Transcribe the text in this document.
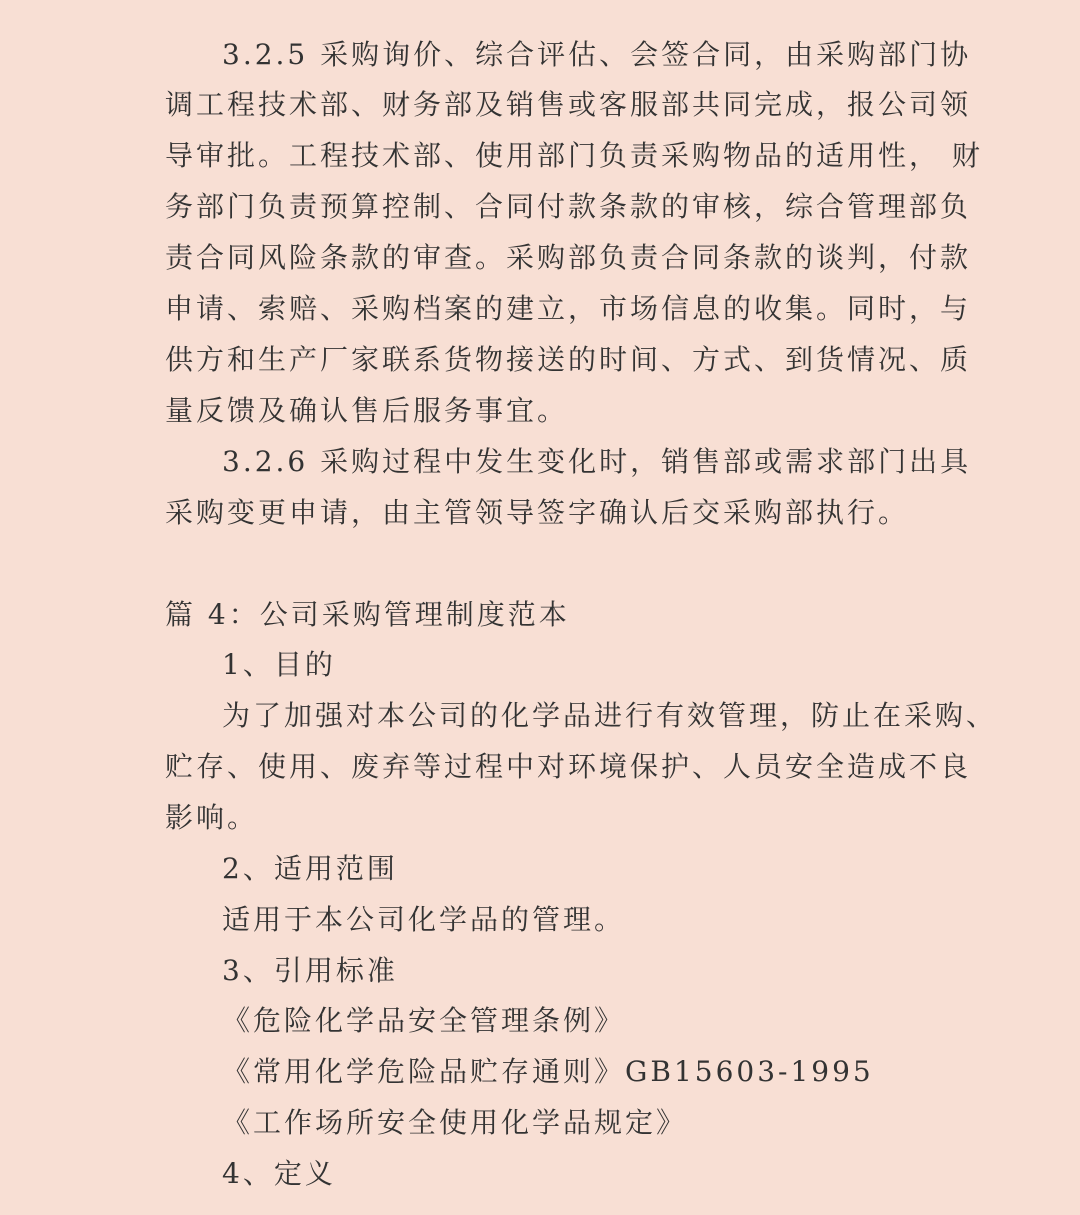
3.2.5 采购询价、综合评估、会签合同，由采购部门协
调工程技术部、财务部及销售或客服部共同完成，报公司领
导审批。工程技术部、使用部门负责采购物品的适用性， 财
务部门负责预算控制、合同付款条款的审核，综合管理部负
责合同风险条款的审查。采购部负责合同条款的谈判，付款
申请、索赔、采购档案的建立，市场信息的收集。同时，与
供方和生产厂家联系货物接送的时间、方式、到货情况、质
量反馈及确认售后服务事宜。
3.2.6 采购过程中发生变化时，销售部或需求部门出具
采购变更申请，由主管领导签字确认后交采购部执行。
篇 4：公司采购管理制度范本
1、目的
为了加强对本公司的化学品进行有效管理，防止在采购、
贮存、使用、废弃等过程中对环境保护、人员安全造成不良
影响。
2、适用范围
适用于本公司化学品的管理。
3、引用标准
《危险化学品安全管理条例》
《常用化学危险品贮存通则》GB15603-1995
《工作场所安全使用化学品规定》
4、定义
